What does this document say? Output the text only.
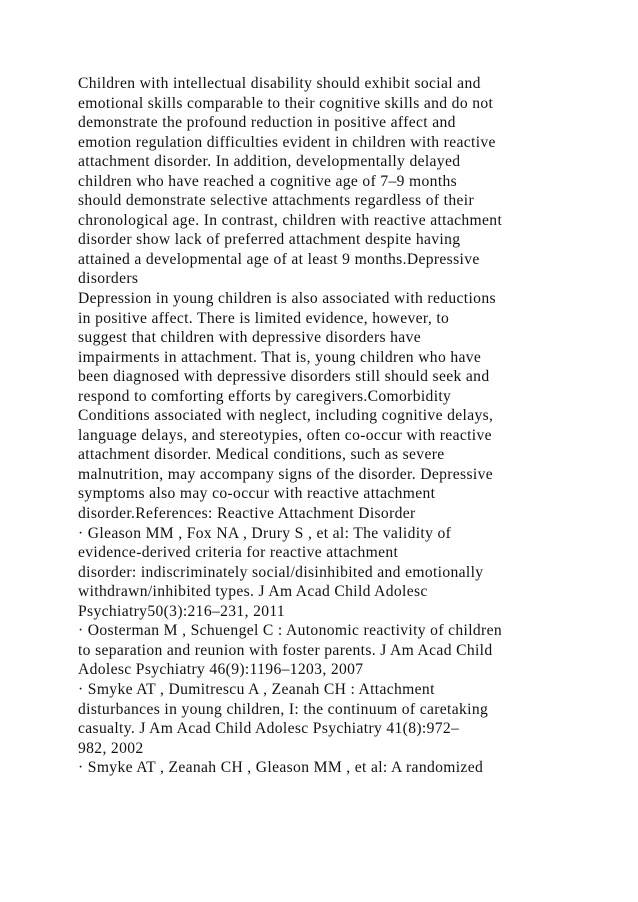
Children with intellectual disability should exhibit social and
emotional skills comparable to their cognitive skills and do not
demonstrate the profound reduction in positive affect and
emotion regulation difficulties evident in children with reactive
attachment disorder. In addition, developmentally delayed
children who have reached a cognitive age of 7–9 months
should demonstrate selective attachments regardless of their
chronological age. In contrast, children with reactive attachment
disorder show lack of preferred attachment despite having
attained a developmental age of at least 9 months.Depressive
disorders
Depression in young children is also associated with reductions
in positive affect. There is limited evidence, however, to
suggest that children with depressive disorders have
impairments in attachment. That is, young children who have
been diagnosed with depressive disorders still should seek and
respond to comforting efforts by caregivers.Comorbidity
Conditions associated with neglect, including cognitive delays,
language delays, and stereotypies, often co-occur with reactive
attachment disorder. Medical conditions, such as severe
malnutrition, may accompany signs of the disorder. Depressive
symptoms also may co-occur with reactive attachment
disorder.References: Reactive Attachment Disorder
· Gleason MM , Fox NA , Drury S , et al: The validity of
evidence-derived criteria for reactive attachment
disorder: indiscriminately social/disinhibited and emotionally
withdrawn/inhibited types. J Am Acad Child Adolesc
Psychiatry50(3):216–231, 2011
· Oosterman M , Schuengel C : Autonomic reactivity of children
to separation and reunion with foster parents. J Am Acad Child
Adolesc Psychiatry 46(9):1196–1203, 2007
· Smyke AT , Dumitrescu A , Zeanah CH : Attachment
disturbances in young children, I: the continuum of caretaking
casualty. J Am Acad Child Adolesc Psychiatry 41(8):972–
982, 2002
· Smyke AT , Zeanah CH , Gleason MM , et al: A randomized
